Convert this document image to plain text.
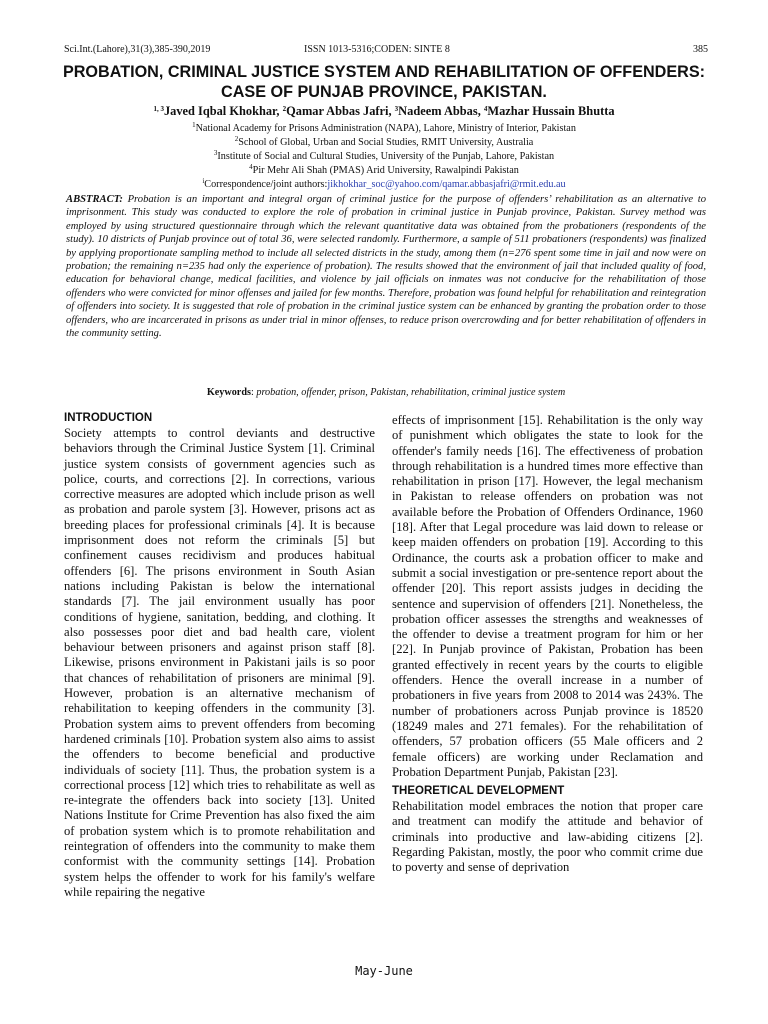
Sci.Int.(Lahore),31(3),385-390,2019	ISSN 1013-5316;CODEN: SINTE 8	385
PROBATION, CRIMINAL JUSTICE SYSTEM AND REHABILITATION OF OFFENDERS: CASE OF PUNJAB PROVINCE, PAKISTAN.
$^{1, 3}$Javed Iqbal Khokhar, $^2$Qamar Abbas Jafri, $^3$Nadeem Abbas, $^4$Mazhar Hussain Bhutta
$^1$National Academy for Prisons Administration (NAPA), Lahore, Ministry of Interior, Pakistan
$^2$School of Global, Urban and Social Studies, RMIT University, Australia
$^3$Institute of Social and Cultural Studies, University of the Punjab, Lahore, Pakistan
$^4$Pir Mehr Ali Shah (PMAS) Arid University, Rawalpindi Pakistan
$^i$Correspondence/joint authors:jikhokhar_soc@yahoo.com/qamar.abbasjafri@rmit.edu.au
ABSTRACT: Probation is an important and integral organ of criminal justice for the purpose of offenders’ rehabilitation as an alternative to imprisonment. This study was conducted to explore the role of probation in criminal justice in Punjab province, Pakistan. Survey method was employed by using structured questionnaire through which the relevant quantitative data was obtained from the probationers (respondents of the study). 10 districts of Punjab province out of total 36, were selected randomly. Furthermore, a sample of 511 probationers (respondents) was finalized by applying proportionate sampling method to include all selected districts in the study, among them (n=276 spent some time in jail and now were on probation; the remaining n=235 had only the experience of probation). The results showed that the environment of jail that included quality of food, education for behavioral change, medical facilities, and violence by jail officials on inmates was not conducive for the rehabilitation of those offenders who were convicted for minor offenses and jailed for few months. Therefore, probation was found helpful for rehabilitation and reintegration of offenders into society. It is suggested that role of probation in the criminal justice system can be enhanced by granting the probation order to those offenders, who are incarcerated in prisons as under trial in minor offenses, to reduce prison overcrowding and for better rehabilitation of offenders in the community setting.
Keywords: probation, offender, prison, Pakistan, rehabilitation, criminal justice system
INTRODUCTION

Society attempts to control deviants and destructive behaviors through the Criminal Justice System [1]. Criminal justice system consists of government agencies such as police, courts, and corrections [2]. In corrections, various corrective measures are adopted which include prison as well as probation and parole system [3]. However, prisons act as breeding places for professional criminals [4]. It is because imprisonment does not reform the criminals [5] but confinement causes recidivism and produces habitual offenders [6]. The prisons environment in South Asian nations including Pakistan is below the international standards [7]. The jail environment usually has poor conditions of hygiene, sanitation, bedding, and clothing. It also possesses poor diet and bad health care, violent behaviour between prisoners and against prison staff [8]. Likewise, prisons environment in Pakistani jails is so poor that chances of rehabilitation of prisoners are minimal [9]. However, probation is an alternative mechanism of rehabilitation to keeping offenders in the community [3]. Probation system aims to prevent offenders from becoming hardened criminals [10]. Probation system also aims to assist the offenders to become beneficial and productive individuals of society [11]. Thus, the probation system is a correctional process [12] which tries to rehabilitate as well as re-integrate the offenders back into society [13]. United Nations Institute for Crime Prevention has also fixed the aim of probation system which is to promote rehabilitation and reintegration of offenders into the community to make them conformist with the community settings [14]. Probation system helps the offender to work for his family's welfare while repairing the negative

effects of imprisonment [15]. Rehabilitation is the only way of punishment which obligates the state to look for the offender's family needs [16]. The effectiveness of probation through rehabilitation is a hundred times more effective than rehabilitation in prison [17]. However, the legal mechanism in Pakistan to release offenders on probation was not available before the Probation of Offenders Ordinance, 1960 [18]. After that Legal procedure was laid down to release or keep maiden offenders on probation [19]. According to this Ordinance, the courts ask a probation officer to make and submit a social investigation or pre-sentence report about the offender [20]. This report assists judges in deciding the sentence and supervision of offenders [21]. Nonetheless, the probation officer assesses the strengths and weaknesses of the offender to devise a treatment program for him or her [22]. In Punjab province of Pakistan, Probation has been granted effectively in recent years by the courts to eligible offenders. Hence the overall increase in a number of probationers in five years from 2008 to 2014 was 243%. The number of probationers across Punjab province is 18520 (18249 males and 271 females). For the rehabilitation of offenders, 57 probation officers (55 Male officers and 2 female officers) are working under Reclamation and Probation Department Punjab, Pakistan [23].

THEORETICAL DEVELOPMENT

Rehabilitation model embraces the notion that proper care and treatment can modify the attitude and behavior of criminals into productive and law-abiding citizens [2]. Regarding Pakistan, mostly, the poor who commit crime due to poverty and sense of deprivation

May-June
